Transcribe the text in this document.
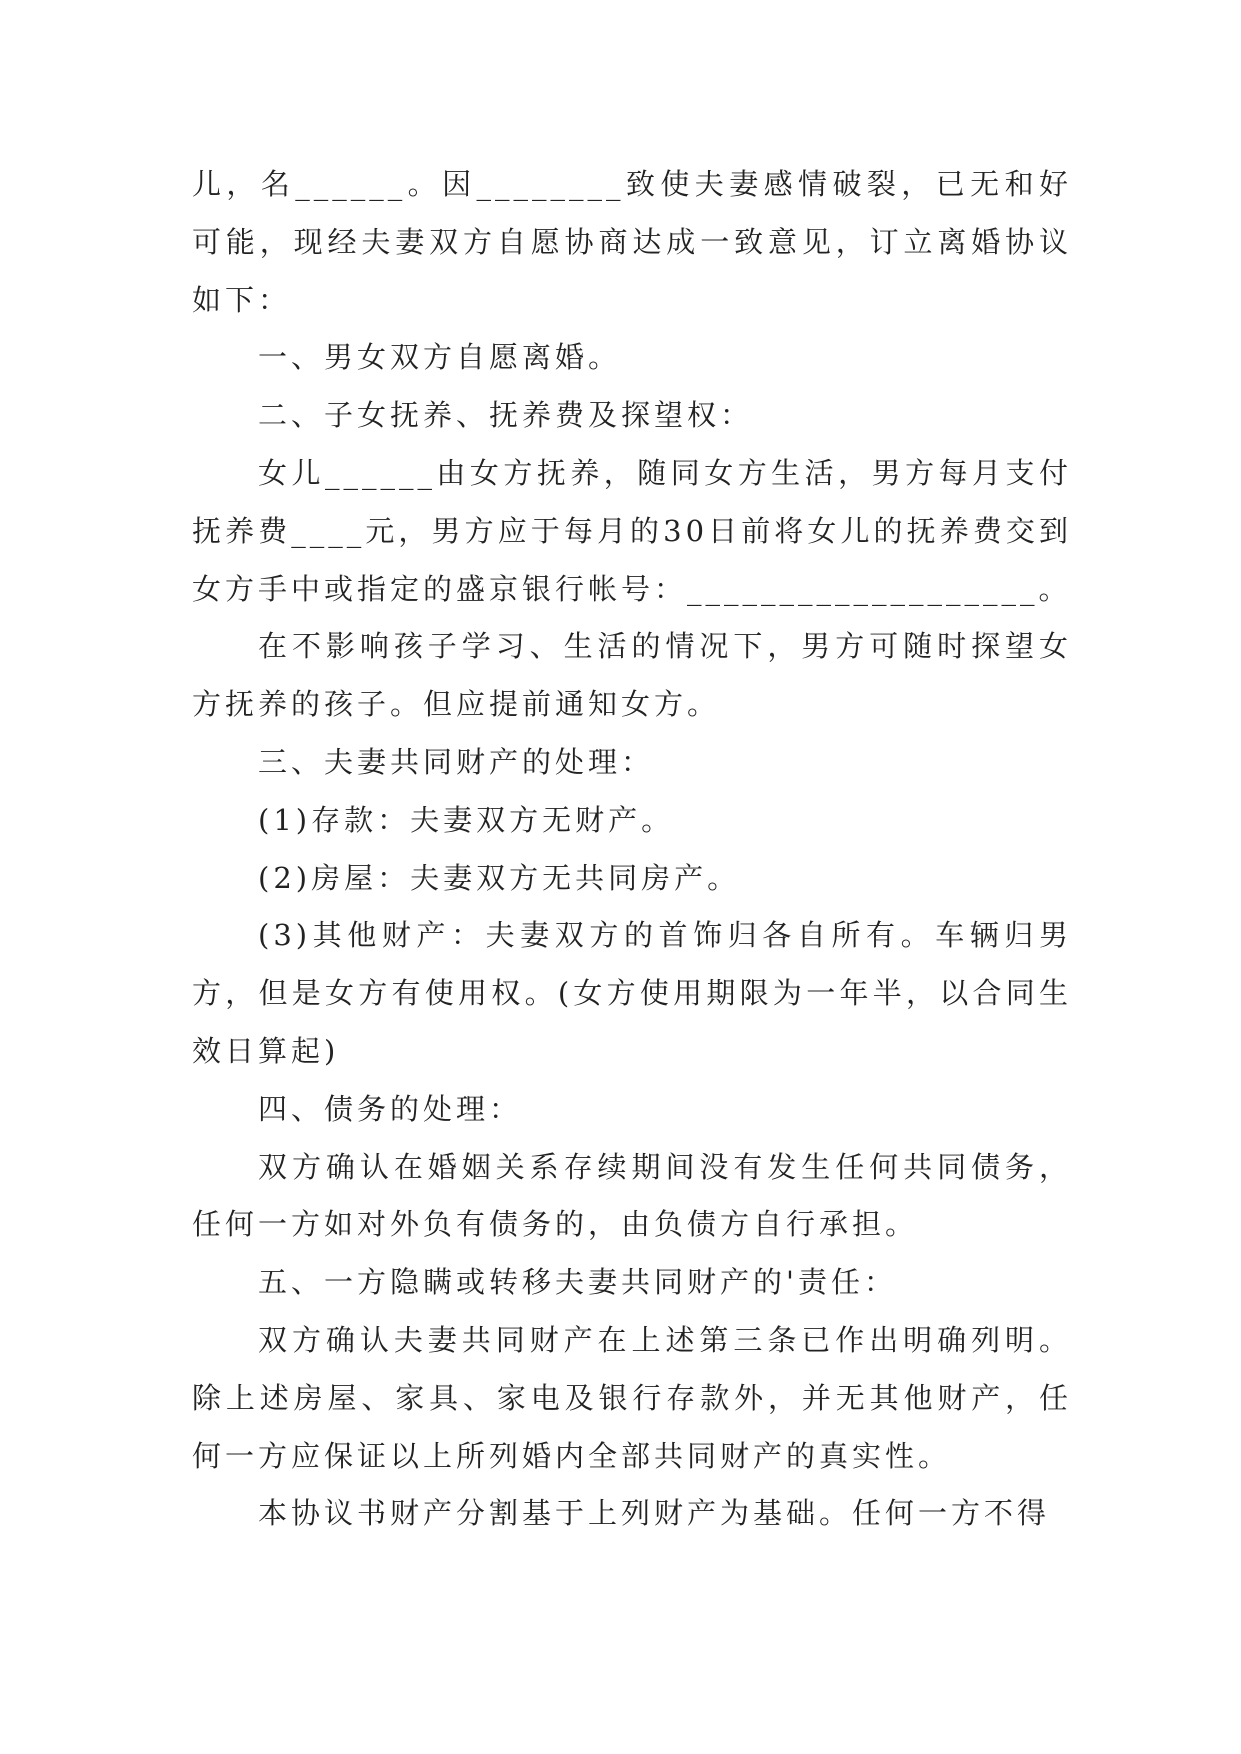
儿，名______。因________致使夫妻感情破裂，已无和好可能，现经夫妻双方自愿协商达成一致意见，订立离婚协议如下：

一、男女双方自愿离婚。

二、子女抚养、抚养费及探望权：

女儿______由女方抚养，随同女方生活，男方每月支付抚养费____元，男方应于每月的30日前将女儿的抚养费交到女方手中或指定的盛京银行帐号：___________________。

在不影响孩子学习、生活的情况下，男方可随时探望女方抚养的孩子。但应提前通知女方。

三、夫妻共同财产的处理：

(1)存款：夫妻双方无财产。

(2)房屋：夫妻双方无共同房产。

(3)其他财产：夫妻双方的首饰归各自所有。车辆归男方，但是女方有使用权。(女方使用期限为一年半，以合同生效日算起)

四、债务的处理：

双方确认在婚姻关系存续期间没有发生任何共同债务，任何一方如对外负有债务的，由负债方自行承担。

五、一方隐瞒或转移夫妻共同财产的'责任：

双方确认夫妻共同财产在上述第三条已作出明确列明。除上述房屋、家具、家电及银行存款外，并无其他财产，任何一方应保证以上所列婚内全部共同财产的真实性。

本协议书财产分割基于上列财产为基础。任何一方不得
